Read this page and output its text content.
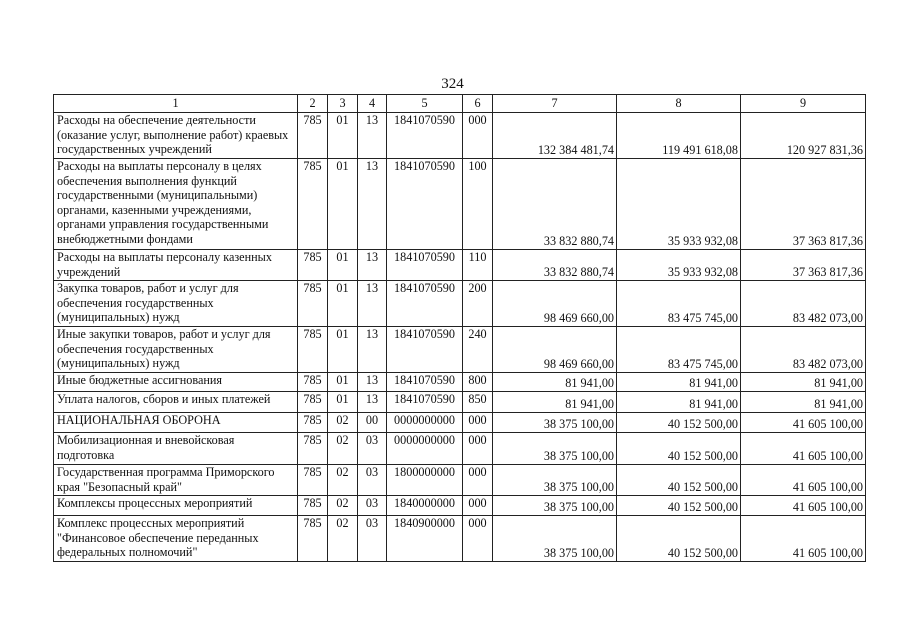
324
1	2	3	4	5	6	7	8	9
Расходы на обеспечение деятельности (оказание услуг, выполнение работ) краевых государственных учреждений	785	01	13	1841070590	000	132 384 481,74	119 491 618,08	120 927 831,36
Расходы на выплаты персоналу в целях обеспечения выполнения функций государственными (муниципальными) органами, казенными учреждениями, органами управления государственными внебюджетными фондами	785	01	13	1841070590	100	33 832 880,74	35 933 932,08	37 363 817,36
Расходы на выплаты персоналу казенных учреждений	785	01	13	1841070590	110	33 832 880,74	35 933 932,08	37 363 817,36
Закупка товаров, работ и услуг для обеспечения государственных (муниципальных) нужд	785	01	13	1841070590	200	98 469 660,00	83 475 745,00	83 482 073,00
Иные закупки товаров, работ и услуг для обеспечения государственных (муниципальных) нужд	785	01	13	1841070590	240	98 469 660,00	83 475 745,00	83 482 073,00
Иные бюджетные ассигнования	785	01	13	1841070590	800	81 941,00	81 941,00	81 941,00
Уплата налогов, сборов и иных платежей	785	01	13	1841070590	850	81 941,00	81 941,00	81 941,00
НАЦИОНАЛЬНАЯ ОБОРОНА	785	02	00	0000000000	000	38 375 100,00	40 152 500,00	41 605 100,00
Мобилизационная и вневойсковая подготовка	785	02	03	0000000000	000	38 375 100,00	40 152 500,00	41 605 100,00
Государственная программа Приморского края "Безопасный край"	785	02	03	1800000000	000	38 375 100,00	40 152 500,00	41 605 100,00
Комплексы процессных мероприятий	785	02	03	1840000000	000	38 375 100,00	40 152 500,00	41 605 100,00
Комплекс процессных мероприятий "Финансовое обеспечение переданных федеральных полномочий"	785	02	03	1840900000	000	38 375 100,00	40 152 500,00	41 605 100,00
